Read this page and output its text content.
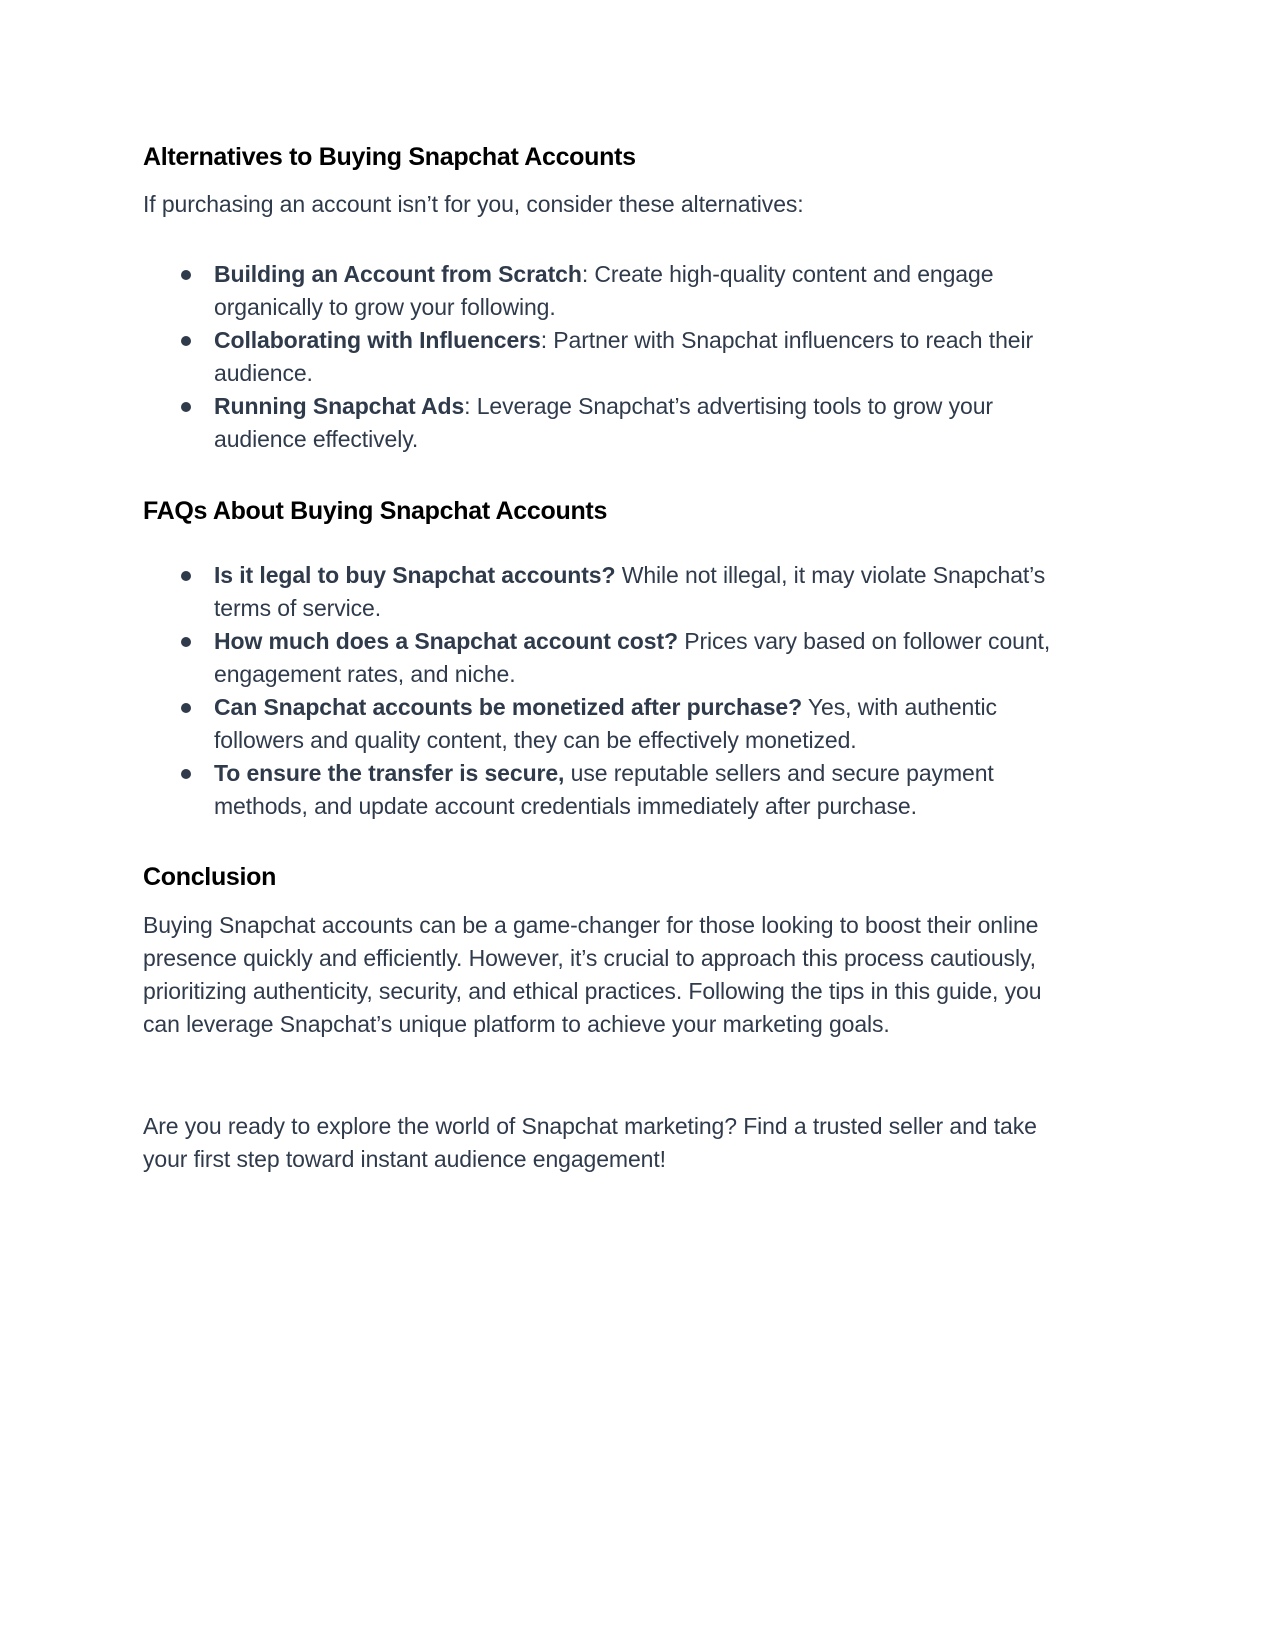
Alternatives to Buying Snapchat Accounts

If purchasing an account isn’t for you, consider these alternatives:

Building an Account from Scratch: Create high-quality content and engage organically to grow your following.
Collaborating with Influencers: Partner with Snapchat influencers to reach their audience.
Running Snapchat Ads: Leverage Snapchat’s advertising tools to grow your audience effectively.
FAQs About Buying Snapchat Accounts
Is it legal to buy Snapchat accounts? While not illegal, it may violate Snapchat’s terms of service.
How much does a Snapchat account cost? Prices vary based on follower count, engagement rates, and niche.
Can Snapchat accounts be monetized after purchase? Yes, with authentic followers and quality content, they can be effectively monetized.
To ensure the transfer is secure, use reputable sellers and secure payment methods, and update account credentials immediately after purchase.
Conclusion

Buying Snapchat accounts can be a game-changer for those looking to boost their online presence quickly and efficiently. However, it’s crucial to approach this process cautiously, prioritizing authenticity, security, and ethical practices. Following the tips in this guide, you can leverage Snapchat’s unique platform to achieve your marketing goals.

Are you ready to explore the world of Snapchat marketing? Find a trusted seller and take your first step toward instant audience engagement!
